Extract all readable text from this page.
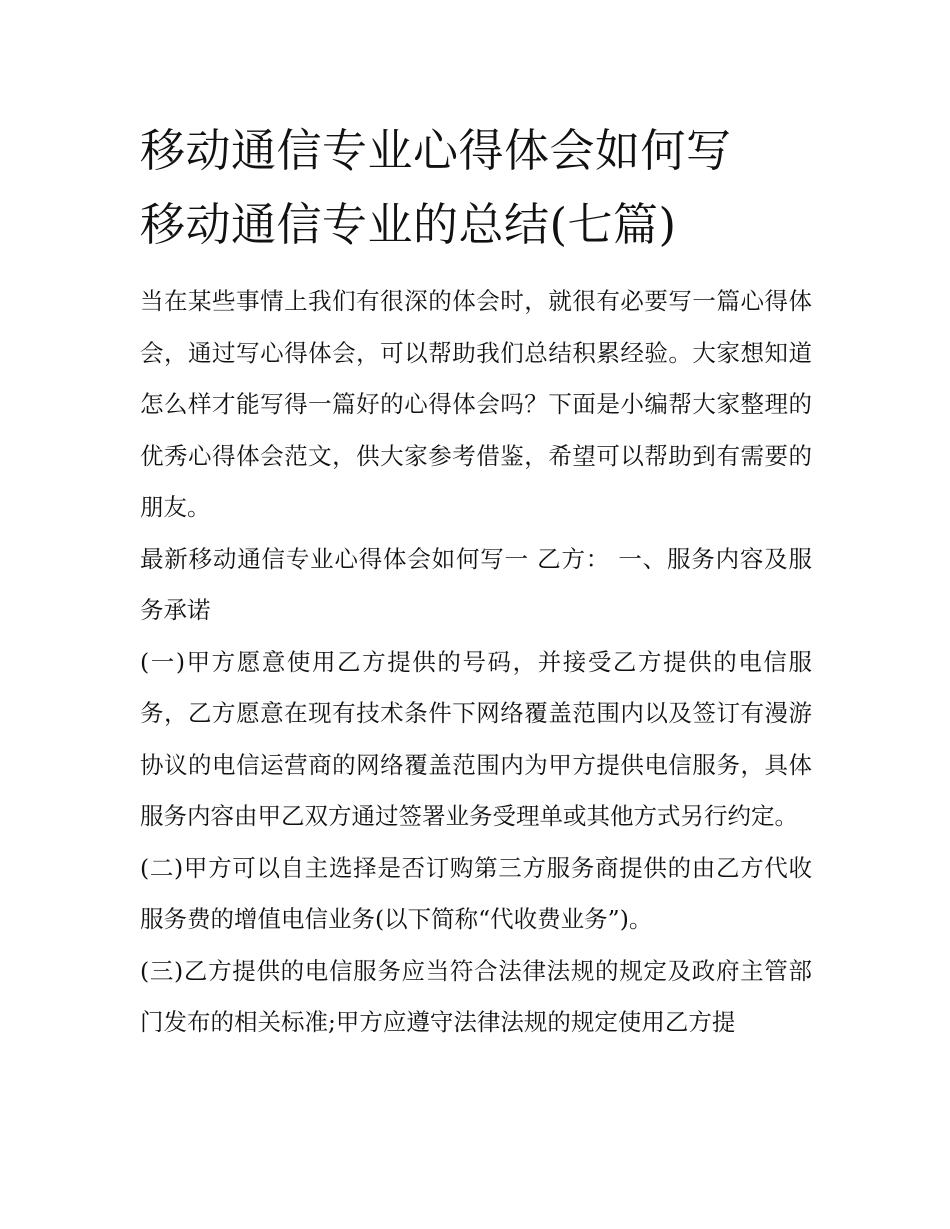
移动通信专业心得体会如何写
移动通信专业的总结(七篇)

当在某些事情上我们有很深的体会时，就很有必要写一篇心得体会，通过写心得体会，可以帮助我们总结积累经验。大家想知道怎么样才能写得一篇好的心得体会吗？下面是小编帮大家整理的优秀心得体会范文，供大家参考借鉴，希望可以帮助到有需要的朋友。

最新移动通信专业心得体会如何写一 乙方： 一、服务内容及服务承诺

(一)甲方愿意使用乙方提供的号码，并接受乙方提供的电信服务，乙方愿意在现有技术条件下网络覆盖范围内以及签订有漫游协议的电信运营商的网络覆盖范围内为甲方提供电信服务，具体服务内容由甲乙双方通过签署业务受理单或其他方式另行约定。

(二)甲方可以自主选择是否订购第三方服务商提供的由乙方代收服务费的增值电信业务(以下简称“代收费业务”)。

(三)乙方提供的电信服务应当符合法律法规的规定及政府主管部门发布的相关标准;甲方应遵守法律法规的规定使用乙方提
